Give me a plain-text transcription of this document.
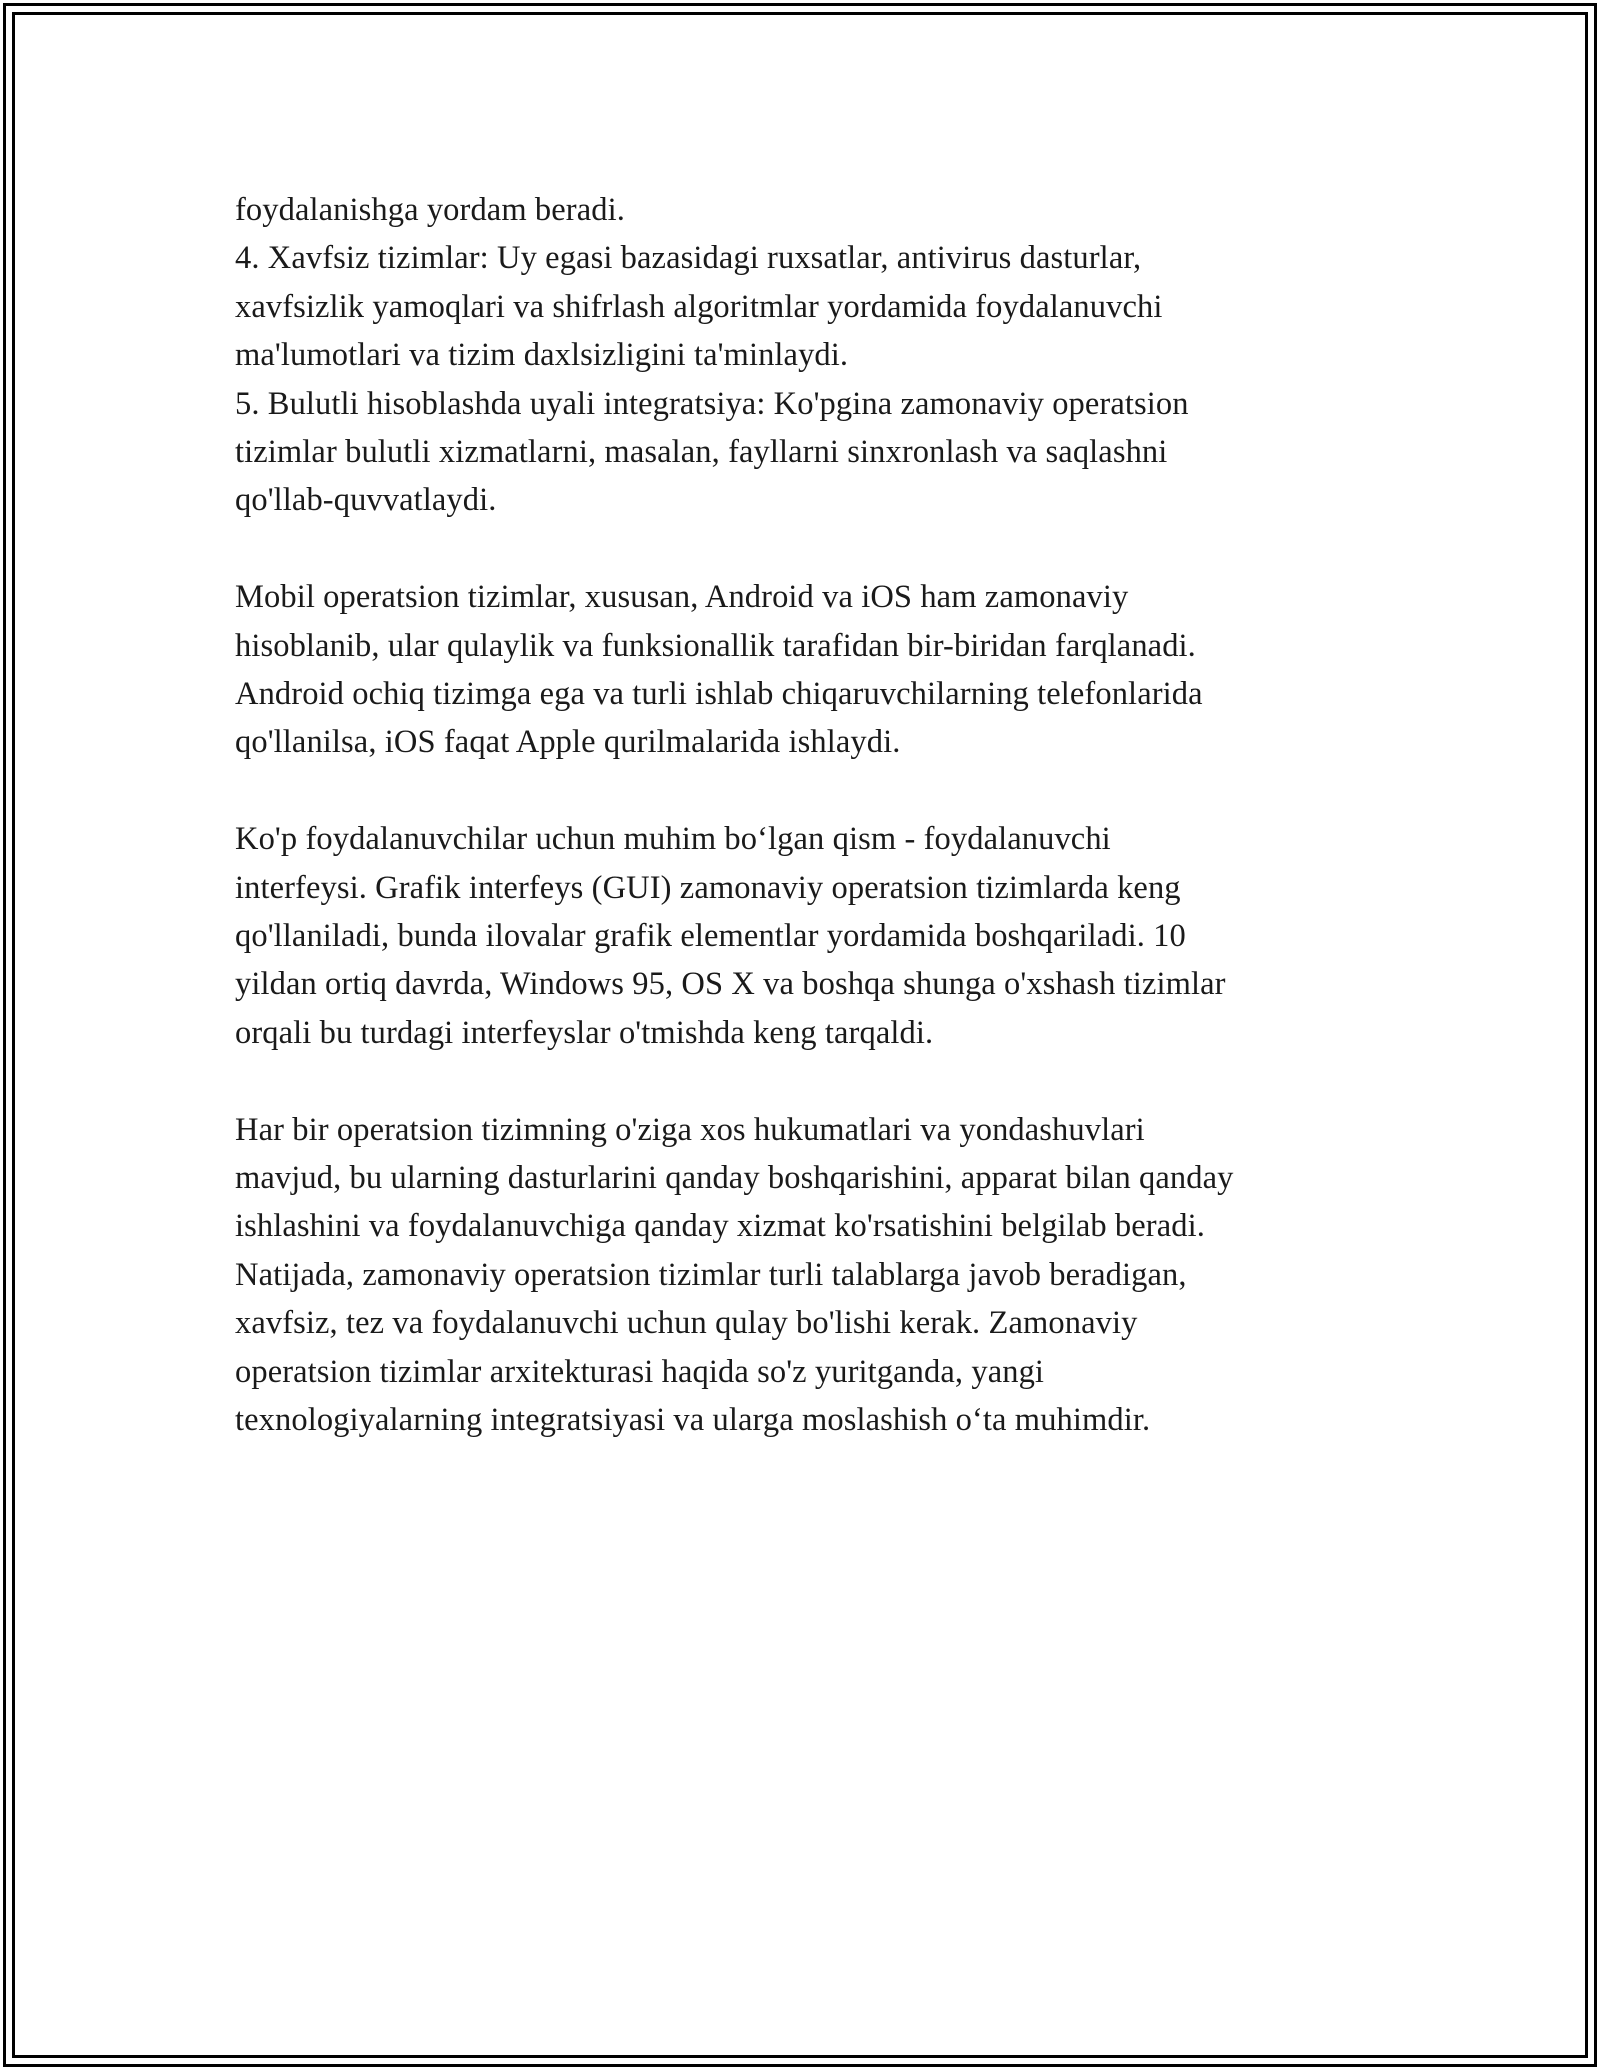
foydalanishga yordam beradi.
4. Xavfsiz tizimlar: Uy egasi bazasidagi ruxsatlar, antivirus dasturlar,
xavfsizlik yamoqlari va shifrlash algoritmlar yordamida foydalanuvchi
ma'lumotlari va tizim daxlsizligini ta'minlaydi.
5. Bulutli hisoblashda uyali integratsiya: Ko'pgina zamonaviy operatsion
tizimlar bulutli xizmatlarni, masalan, fayllarni sinxronlash va saqlashni
qo'llab-quvvatlaydi.
Mobil operatsion tizimlar, xususan, Android va iOS ham zamonaviy
hisoblanib, ular qulaylik va funksionallik tarafidan bir-biridan farqlanadi.
Android ochiq tizimga ega va turli ishlab chiqaruvchilarning telefonlarida
qo'llanilsa, iOS faqat Apple qurilmalarida ishlaydi.
Ko'p foydalanuvchilar uchun muhim bo‘lgan qism - foydalanuvchi
interfeysi. Grafik interfeys (GUI) zamonaviy operatsion tizimlarda keng
qo'llaniladi, bunda ilovalar grafik elementlar yordamida boshqariladi. 10
yildan ortiq davrda, Windows 95, OS X va boshqa shunga o'xshash tizimlar
orqali bu turdagi interfeyslar o'tmishda keng tarqaldi.
Har bir operatsion tizimning o'ziga xos hukumatlari va yondashuvlari
mavjud, bu ularning dasturlarini qanday boshqarishini, apparat bilan qanday
ishlashini va foydalanuvchiga qanday xizmat ko'rsatishini belgilab beradi.
Natijada, zamonaviy operatsion tizimlar turli talablarga javob beradigan,
xavfsiz, tez va foydalanuvchi uchun qulay bo'lishi kerak. Zamonaviy
operatsion tizimlar arxitekturasi haqida so'z yuritganda, yangi
texnologiyalarning integratsiyasi va ularga moslashish o‘ta muhimdir.
